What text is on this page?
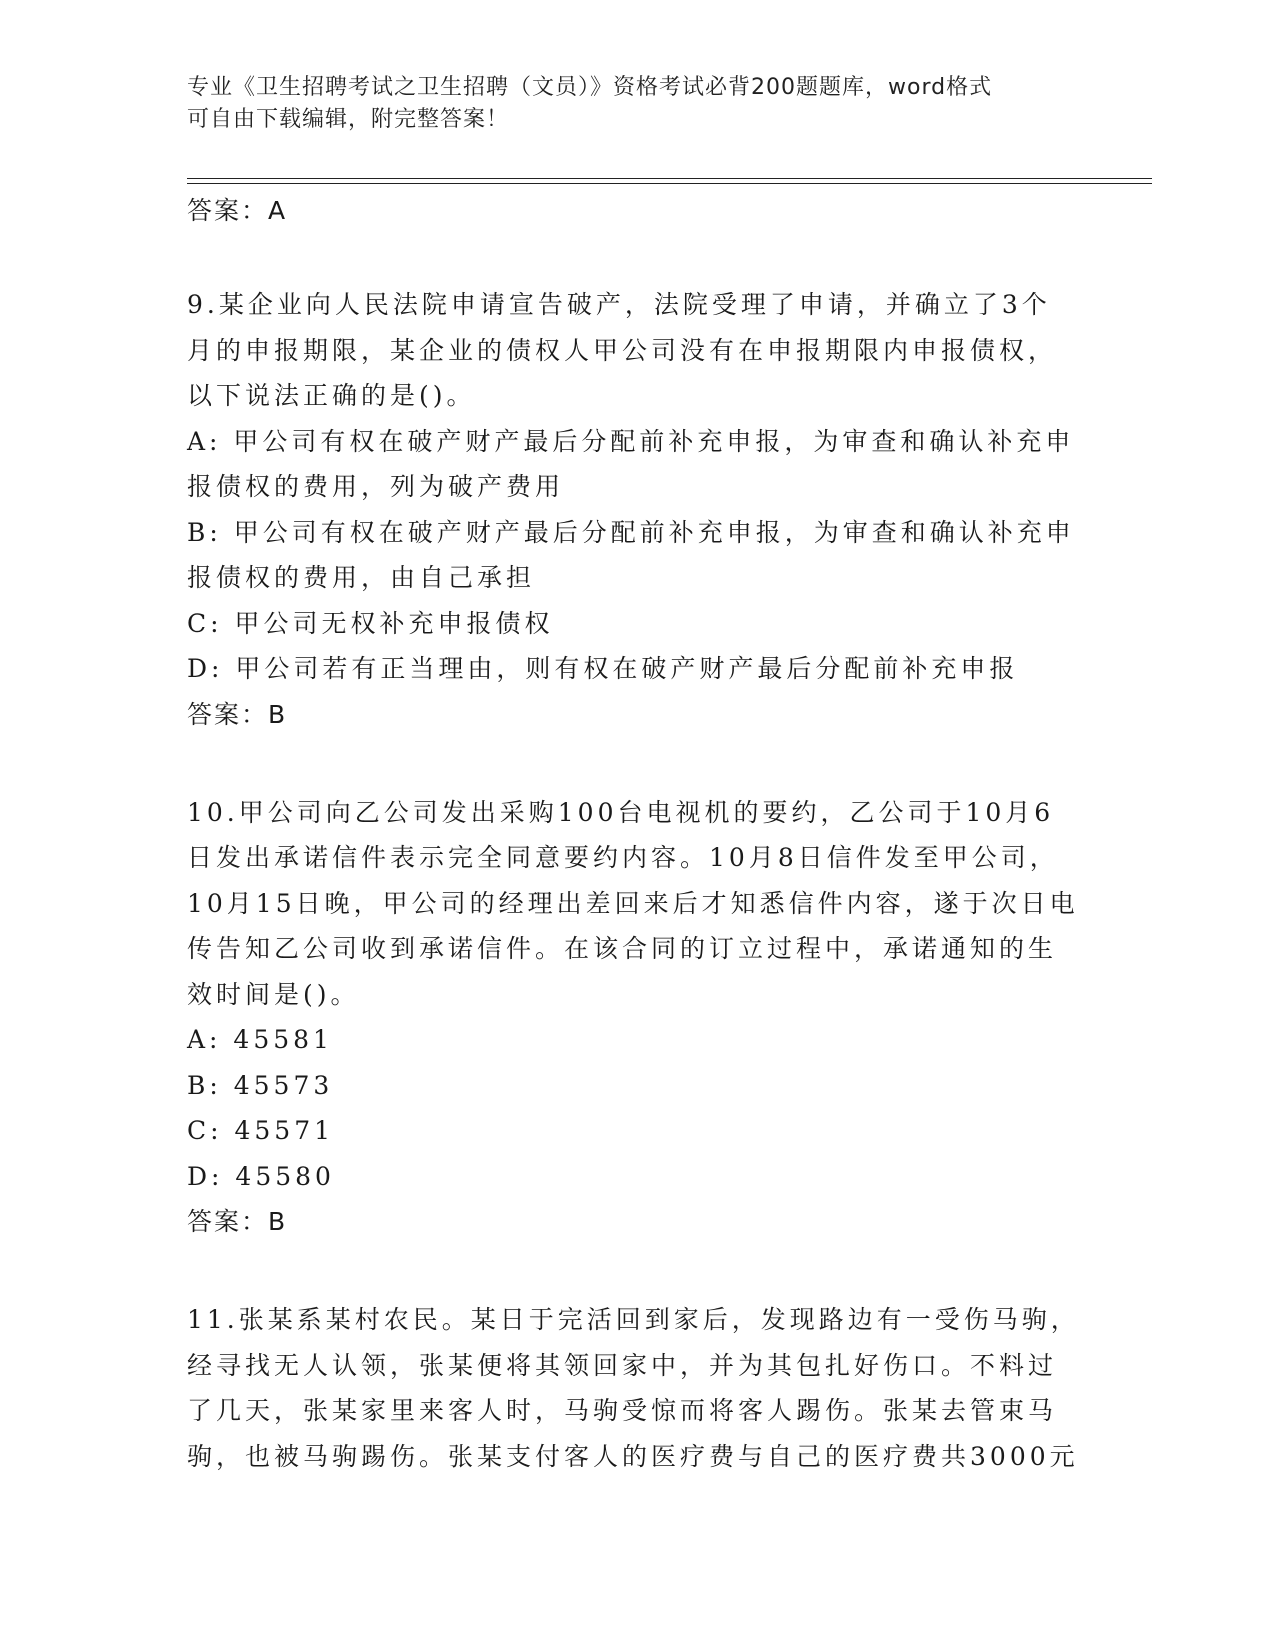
专业《卫生招聘考试之卫生招聘（文员）》资格考试必背200题题库，word格式
可自由下载编辑，附完整答案！
答案：A
9.某企业向人民法院申请宣告破产，法院受理了申请，并确立了3个
月的申报期限，某企业的债权人甲公司没有在申报期限内申报债权，
以下说法正确的是()。
A: 甲公司有权在破产财产最后分配前补充申报，为审查和确认补充申
报债权的费用，列为破产费用
B: 甲公司有权在破产财产最后分配前补充申报，为审查和确认补充申
报债权的费用，由自己承担
C: 甲公司无权补充申报债权
D: 甲公司若有正当理由，则有权在破产财产最后分配前补充申报
答案：B
10.甲公司向乙公司发出采购100台电视机的要约，乙公司于10月6
日发出承诺信件表示完全同意要约内容。10月8日信件发至甲公司，
10月15日晚，甲公司的经理出差回来后才知悉信件内容，遂于次日电
传告知乙公司收到承诺信件。在该合同的订立过程中，承诺通知的生
效时间是()。
A: 45581
B: 45573
C: 45571
D: 45580
答案：B
11.张某系某村农民。某日于完活回到家后，发现路边有一受伤马驹，
经寻找无人认领，张某便将其领回家中，并为其包扎好伤口。不料过
了几天，张某家里来客人时，马驹受惊而将客人踢伤。张某去管束马
驹，也被马驹踢伤。张某支付客人的医疗费与自己的医疗费共3000元
